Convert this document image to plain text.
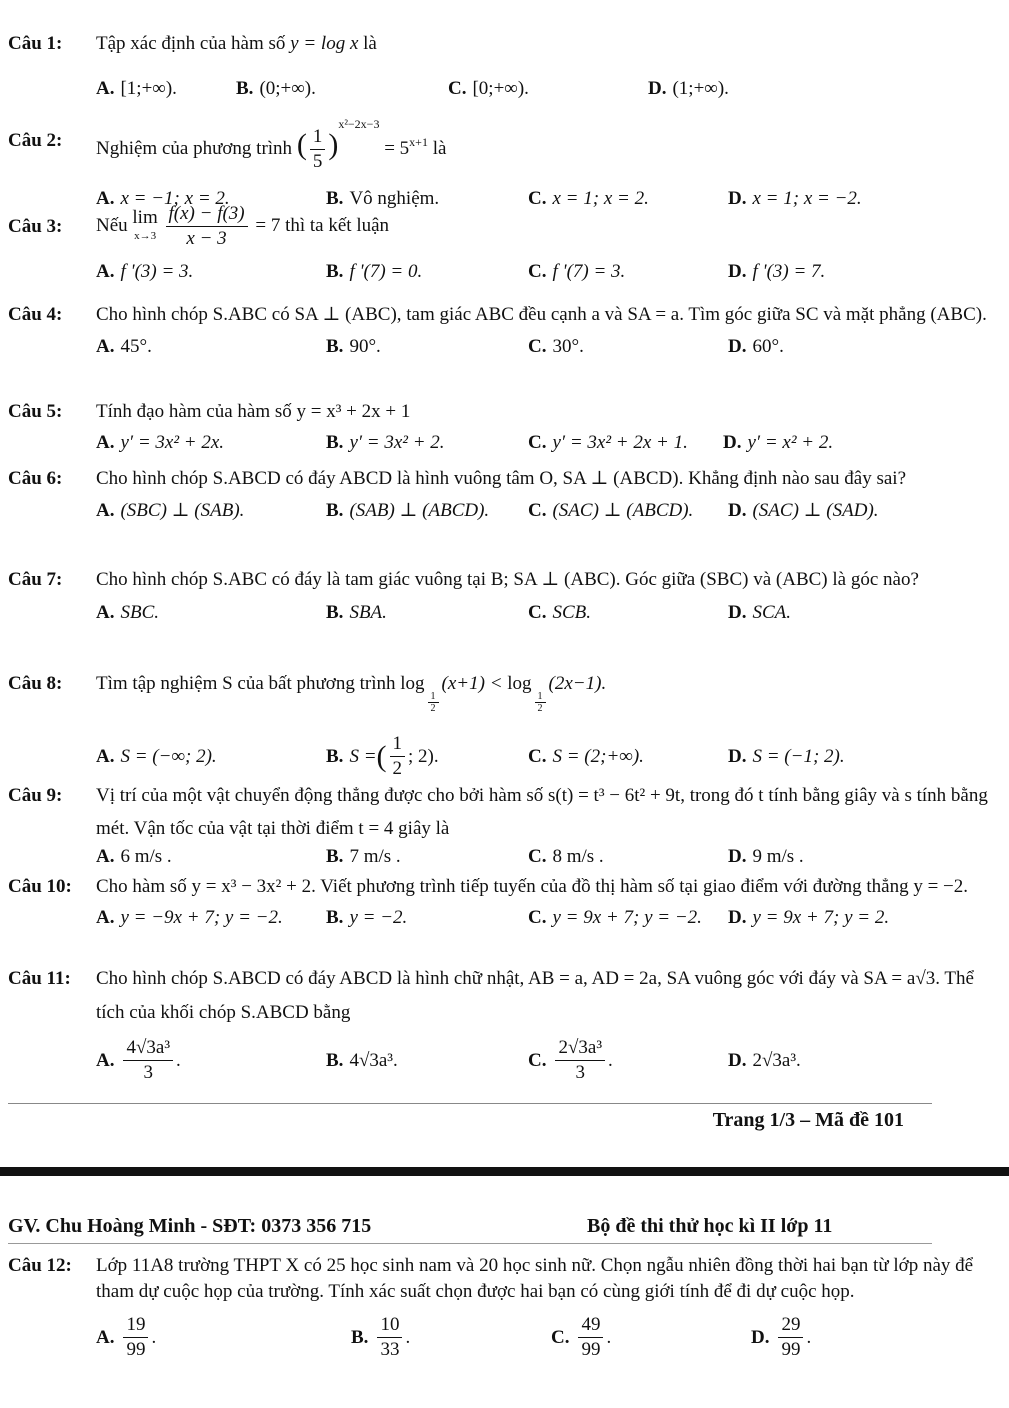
Câu 1:	Tập xác định của hàm số y = log x là
A. [1;+∞).	B. (0;+∞).	C. [0;+∞).	D. (1;+∞).
Câu 2:	Nghiệm của phương trình ( $\frac{1}{5} )^{x^2-2x-3} = 5^{x+1}$ là
A. x = −1; x = 2.	B. Vô nghiệm.	C. x = 1; x = 2.	D. x = 1; x = −2.
Câu 3:	Nếu lim
x→3
$\frac{f(x) - f(3)}{x - 3} = 7$ thì ta kết luận
A. f '(3) = 3.	B. f '(7) = 0.	C. f '(7) = 3.	D. f '(3) = 7.
Câu 4:	Cho hình chóp S.ABC có SA ⊥ (ABC), tam giác ABC đều cạnh a và SA = a. Tìm góc giữa SC và mặt phẳng (ABC).
A. 45°.	B. 90°.	C. 30°.	D. 60°.
Câu 5:	Tính đạo hàm của hàm số y = x³ + 2x + 1
A. y′ = 3x² + 2x.	B. y′ = 3x² + 2.	C. y′ = 3x² + 2x + 1. D. y′ = x² + 2.
Câu 6:	Cho hình chóp S.ABCD có đáy ABCD là hình vuông tâm O, SA ⊥ (ABCD). Khẳng định nào sau đây sai?
A. (SBC) ⊥ (SAB).	B. (SAB) ⊥ (ABCD). C. (SAC) ⊥ (ABCD). D. (SAC) ⊥ (SAD).
Câu 7:	Cho hình chóp S.ABC có đáy là tam giác vuông tại B; SA ⊥ (ABC). Góc giữa (SBC) và (ABC) là góc nào?
A. SBC.	B. SBA.	C. SCB.	D. SCA.
Câu 8:	Tìm tập nghiệm S của bất phương trình log
$\frac{1}{2}$
(x+1) < log
$\frac{1}{2}$
(2x−1).
A. S = (−∞; 2).	B. S = ( $\frac{1}{2}$ ; 2).	C. S = (2;+∞).	D. S = (−1; 2).
Câu 9:	Vị trí của một vật chuyển động thẳng được cho bởi hàm số s(t) = t³ − 6t² + 9t, trong đó t tính bằng giây và s tính bằng mét. Vận tốc của vật tại thời điểm t = 4 giây là
A. 6 m/s .	B. 7 m/s .	C. 8 m/s .	D. 9 m/s .
Câu 10:	Cho hàm số y = x³ − 3x² + 2. Viết phương trình tiếp tuyến của đồ thị hàm số tại giao điểm với đường thẳng y = −2.
A. y = −9x + 7; y = −2. B. y = −2.	C. y = 9x + 7; y = −2. D. y = 9x + 7; y = 2.
Câu 11:	Cho hình chóp S.ABCD có đáy ABCD là hình chữ nhật, AB = a, AD = 2a, SA vuông góc với đáy và SA = a√3. Thể tích của khối chóp S.ABCD bằng
A. $\frac{\text{4√3a³}}{3}$ .	B. 4√3a³.	C. $\frac{\text{2√3a³}}{3}$ .	D. 2√3a³.
Trang 1/3 – Mã đề 101
GV. Chu Hoàng Minh - SĐT: 0373 356 715	Bộ đề thi thử học kì II lớp 11
Câu 12:	Lớp 11A8 trường THPT X có 25 học sinh nam và 20 học sinh nữ. Chọn ngẫu nhiên đồng thời hai bạn từ lớp này để tham dự cuộc họp của trường. Tính xác suất chọn được hai bạn có cùng giới tính để đi dự cuộc họp.
A. $\frac{19}{99}$ .	B. $\frac{10}{33}$ .	C. $\frac{49}{99}$ .	D. $\frac{29}{99}$ .
